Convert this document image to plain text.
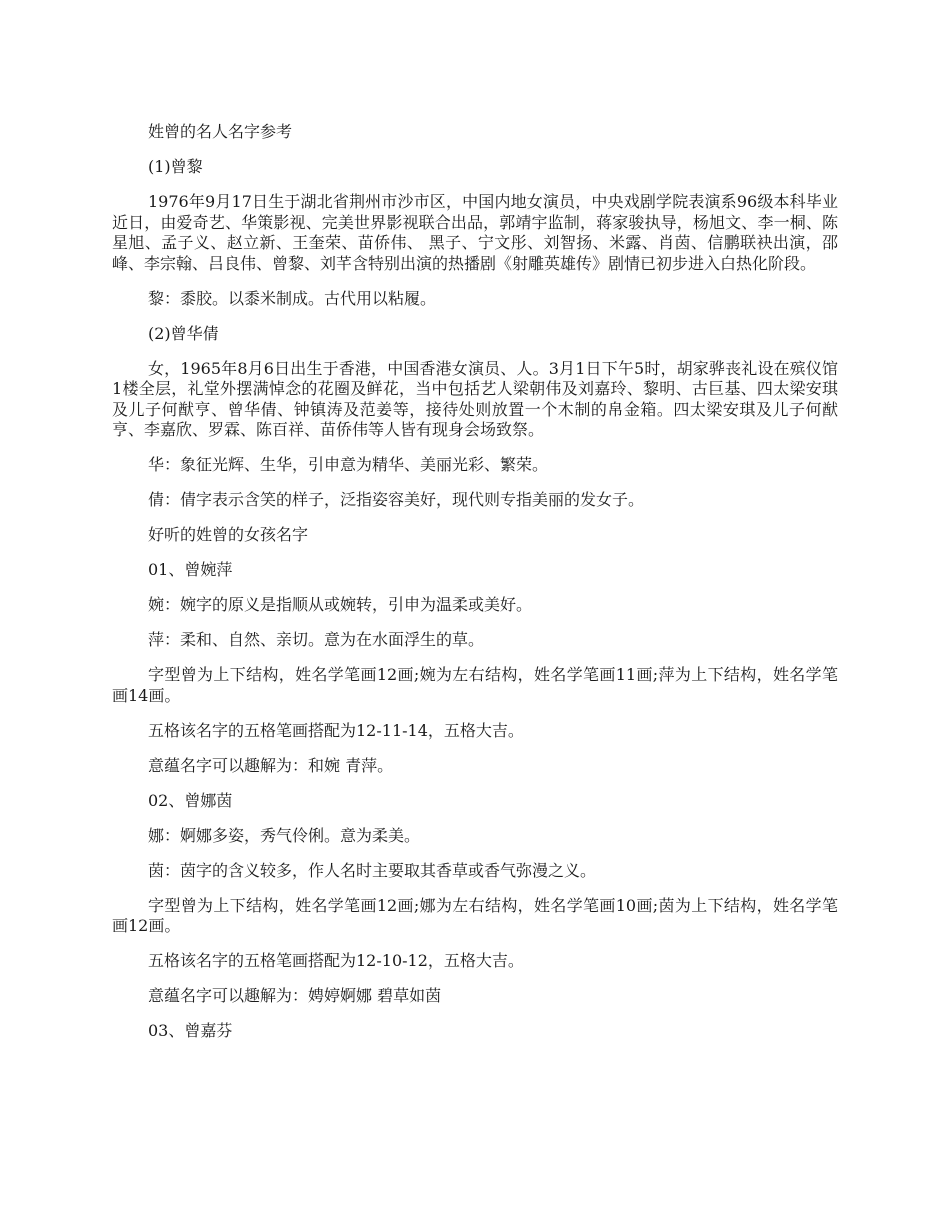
姓曾的名人名字参考

(1)曾黎

1976年9月17日生于湖北省荆州市沙市区，中国内地女演员，中央戏剧学院表演系96级本科毕业近日，由爱奇艺、华策影视、完美世界影视联合出品，郭靖宇监制，蒋家骏执导，杨旭文、李一桐、陈星旭、孟子义、赵立新、王奎荣、苗侨伟、 黑子、宁文彤、刘智扬、米露、肖茵、信鹏联袂出演，邵峰、李宗翰、吕良伟、曾黎、刘芊含特别出演的热播剧《射雕英雄传》剧情已初步进入白热化阶段。

黎：黍胶。以黍米制成。古代用以粘履。

(2)曾华倩

女，1965年8月6日出生于香港，中国香港女演员、人。3月1日下午5时，胡家骅丧礼设在殡仪馆1楼全层，礼堂外摆满悼念的花圈及鲜花，当中包括艺人梁朝伟及刘嘉玲、黎明、古巨基、四太梁安琪及儿子何猷亨、曾华倩、钟镇涛及范姜等，接待处则放置一个木制的帛金箱。四太梁安琪及儿子何猷亨、李嘉欣、罗霖、陈百祥、苗侨伟等人皆有现身会场致祭。

华：象征光辉、生华，引申意为精华、美丽光彩、繁荣。

倩：倩字表示含笑的样子，泛指姿容美好，现代则专指美丽的发女子。

好听的姓曾的女孩名字

01、曾婉萍

婉：婉字的原义是指顺从或婉转，引申为温柔或美好。

萍：柔和、自然、亲切。意为在水面浮生的草。

字型曾为上下结构，姓名学笔画12画;婉为左右结构，姓名学笔画11画;萍为上下结构，姓名学笔画14画。

五格该名字的五格笔画搭配为12-11-14，五格大吉。

意蕴名字可以趣解为：和婉 青萍。

02、曾娜茵

娜：婀娜多姿，秀气伶俐。意为柔美。

茵：茵字的含义较多，作人名时主要取其香草或香气弥漫之义。

字型曾为上下结构，姓名学笔画12画;娜为左右结构，姓名学笔画10画;茵为上下结构，姓名学笔画12画。

五格该名字的五格笔画搭配为12-10-12，五格大吉。

意蕴名字可以趣解为：娉婷婀娜 碧草如茵

03、曾嘉芬
